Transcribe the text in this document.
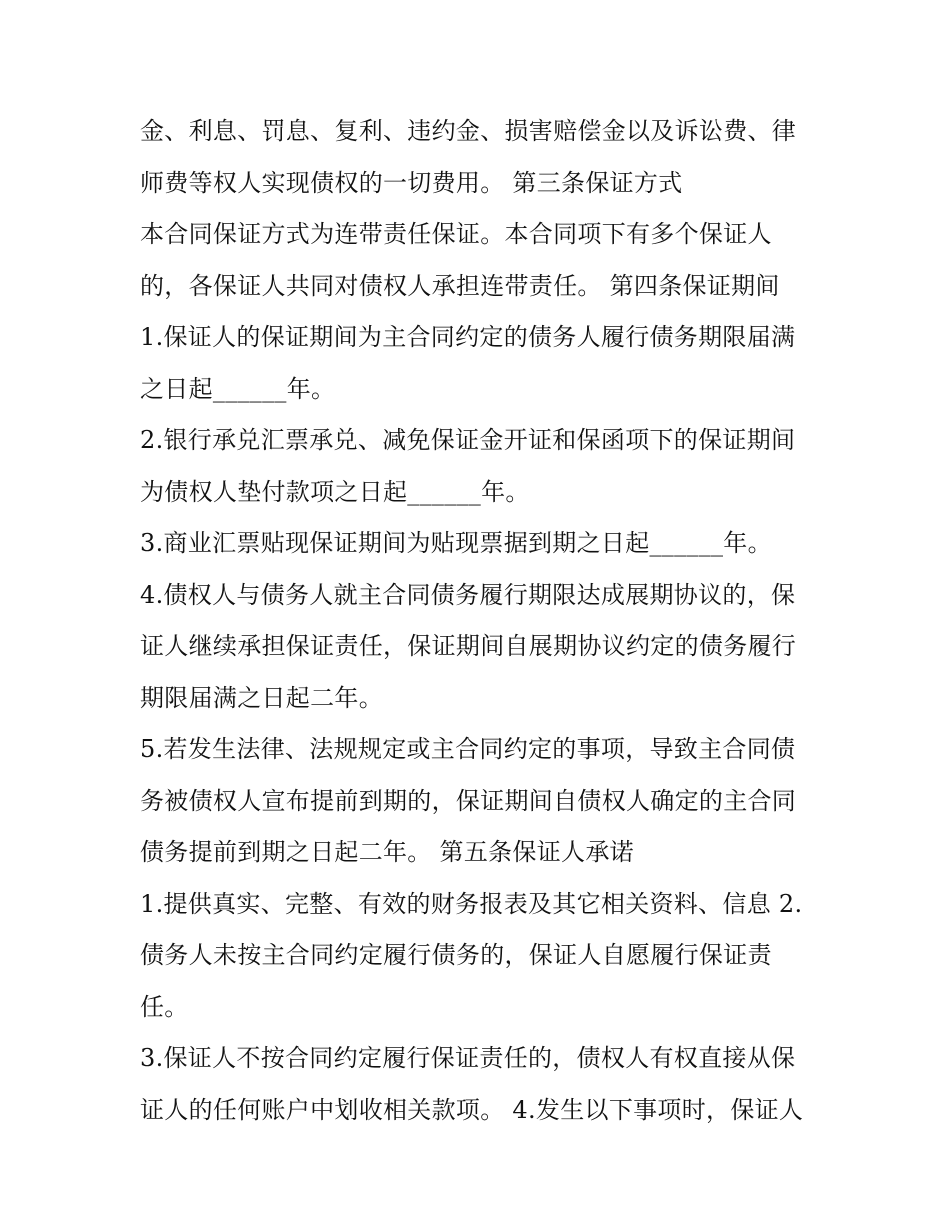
金、利息、罚息、复利、违约金、损害赔偿金以及诉讼费、律
师费等权人实现债权的一切费用。 第三条保证方式
本合同保证方式为连带责任保证。本合同项下有多个保证人
的，各保证人共同对债权人承担连带责任。 第四条保证期间
1.保证人的保证期间为主合同约定的债务人履行债务期限届满
之日起______年。
2.银行承兑汇票承兑、减免保证金开证和保函项下的保证期间
为债权人垫付款项之日起______年。
3.商业汇票贴现保证期间为贴现票据到期之日起______年。
4.债权人与债务人就主合同债务履行期限达成展期协议的，保
证人继续承担保证责任，保证期间自展期协议约定的债务履行
期限届满之日起二年。
5.若发生法律、法规规定或主合同约定的事项，导致主合同债
务被债权人宣布提前到期的，保证期间自债权人确定的主合同
债务提前到期之日起二年。 第五条保证人承诺
1.提供真实、完整、有效的财务报表及其它相关资料、信息 2.
债务人未按主合同约定履行债务的，保证人自愿履行保证责
任。
3.保证人不按合同约定履行保证责任的，债权人有权直接从保
证人的任何账户中划收相关款项。 4.发生以下事项时，保证人
